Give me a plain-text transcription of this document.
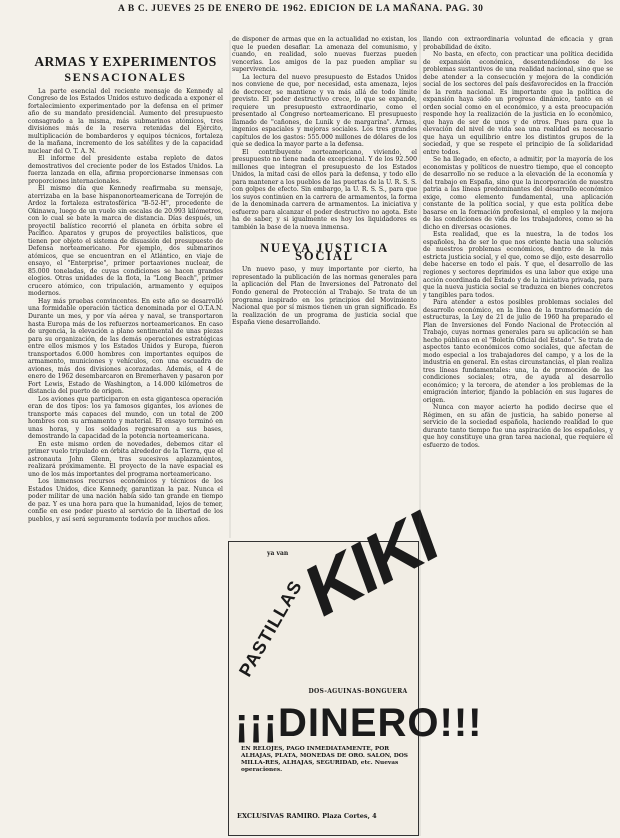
A B C. JUEVES 25 DE ENERO DE 1962. EDICION DE LA MAÑANA. PAG. 30
ARMAS Y EXPERIMENTOS
SENSACIONALES

La parte esencial del reciente mensaje de Kennedy al Congreso de los Estados Unidos estuvo dedicada a exponer el fortalecimiento experimentado por la defensa en el primer año de su mandato presidencial. Aumento del presupuesto consagrado a la misma, más submarinos atómicos, tres divisiones más de la reserva retenidas del Ejército, multiplicación de bombarderos y equipos técnicos, fortaleza de la mañana, incremento de los satélites y de la capacidad nuclear del O. T. A. N.

El informe del presidente estaba repleto de datos demostrativos del creciente poder de los Estados Unidos. La fuerza lanzada en ella, afirma proporcionarse inmensas con proporciones internacionales.

El mismo día que Kennedy reafirmaba su mensaje, aterrizaba en la base hispanonorteamericana de Torrejón de Ardoz la fortaleza estratosférica "B-52-H", procedente de Okinawa, luego de un vuelo sin escalas de 20.993 kilómetros, con lo cual se bate la marca de distancia. Días después, un proyectil balístico recorrió el planeta en órbita sobre el Pacífico. Aparatos y grupos de proyectiles balísticos, que tienen por objeto el sistema de disuasión del presupuesto de Defensa norteamericano. Por ejemplo, dos submarinos atómicos, que se encuentran en el Atlántico, en viaje de ensayo, el "Enterprise", primer portaaviones nuclear, de 85.000 toneladas, de cuyas condiciones se hacen grandes elogios. Otras unidades de la flota, la "Long Beach", primer crucero atómico, con tripulación, armamento y equipos modernos.

Hay más pruebas convincentes. En este año se desarrolló una formidable operación táctica denominada por el O.T.A.N. Durante un mes, y por vía aérea y naval, se transportaron hasta Europa más de los refuerzos norteamericanos. En caso de urgencia, la elevación a plano sentimental de unas piezas para su organización, de las demás operaciones estratégicas entre ellos mismos y los Estados Unidos y Europa, fueron transportados 6.000 hombres con importantes equipos de armamento, municiones y vehículos, con una escuadra de aviones, más dos divisiones acorazadas. Además, el 4 de enero de 1962 desembarcaron en Bremerhaven y pasaron por Fort Lewis, Estado de Washington, a 14.000 kilómetros de distancia del puerto de origen.

Los aviones que participaron en esta gigantesca operación eran de dos tipos: los ya famosos gigantes, los aviones de transporte más capaces del mundo, con un total de 200 hombres con su armamento y material. El ensayo terminó en unas horas, y los soldados regresaron a sus bases, demostrando la capacidad de la potencia norteamericana.

En este mismo orden de novedades, debemos citar el primer vuelo tripulado en órbita alrededor de la Tierra, que el astronauta John Glenn, tras sucesivos aplazamientos, realizará próximamente. El proyecto de la nave espacial es uno de los más importantes del programa norteamericano.

Los inmensos recursos económicos y técnicos de los Estados Unidos, dice Kennedy, garantizan la paz. Nunca el poder militar de una nación había sido tan grande en tiempo de paz. Y es una hora para que la humanidad, lejos de temer, confíe en ese poder puesto al servicio de la libertad de los pueblos, y así será seguramente todavía por muchos años.

de disponer de armas que en la actualidad no existan, los que le pueden desafiar. La amenaza del comunismo, y cuando, en realidad, solo nuevas fuerzas pueden vencerlas. Los amigos de la paz pueden ampliar su supervivencia.

La lectura del nuevo presupuesto de Estados Unidos nos conviene de que, por necesidad, esta amenaza, lejos de decrecer, se mantiene y va más allá de todo límite previsto. El poder destructivo crece, lo que se expande, requiere un presupuesto extraordinario, como el presentado al Congreso norteamericano. El presupuesto llamado de "cañones, de Lunik y de margarina". Armas, ingenios espaciales y mejoras sociales. Los tres grandes capítulos de los gastos: 555.000 millones de dólares de los que se dedica la mayor parte a la defensa.

El contribuyente norteamericano, viviendo, el presupuesto no tiene nada de excepcional. Y de los 92.500 millones que integran el presupuesto de los Estados Unidos, la mitad casi de ellos para la defensa, y todo ello para mantener a los pueblos de las puertas de la U. R. S. S. con golpes de efecto. Sin embargo, la U. R. S. S., para que los suyos continúen en la carrera de armamentos, la forma de la denominada carrera de armamentos. La iniciativa y esfuerzo para alcanzar el poder destructivo no agota. Este ha de saber, y si igualmente es hoy los liquidadores es también la base de la nueva inmensa.

NUEVA JUSTICIA SOCIAL

Un nuevo paso, y muy importante por cierto, ha representado la publicación de las normas generales para la aplicación del Plan de Inversiones del Patronato del Fondo general de Protección al Trabajo. Se trata de un programa inspirado en los principios del Movimiento Nacional que por sí mismos tienen un gran significado. Es la realización de un programa de justicia social que España viene desarrollando.

llando con extraordinaria voluntad de eficacia y gran probabilidad de éxito.

No basta, en efecto, con practicar una política decidida de expansión económica, desentendiéndose de los problemas sustantivos de una realidad nacional, sino que se debe atender a la consecución y mejora de la condición social de los sectores del país desfavorecidos en la fracción de la renta nacional. Es importante que la política de expansión haya sido un progreso dinámico, tanto en el orden social como en el económico, y a esta preocupación responde hoy la realización de la justicia en lo económico, que haya de ser de unos y de otros. Pues para que la elevación del nivel de vida sea una realidad es necesario que haya un equilibrio entre los distintos grupos de la sociedad, y que se respete el principio de la solidaridad entre todos.

Se ha llegado, en efecto, a admitir, por la mayoría de los economistas y políticos de nuestro tiempo, que el concepto de desarrollo no se reduce a la elevación de la economía y del trabajo en España, sino que la incorporación de nuestra patria a las líneas predominantes del desarrollo económico exige, como elemento fundamental, una aplicación constante de la política social, y que esta política debe basarse en la formación profesional, el empleo y la mejora de las condiciones de vida de los trabajadores, como se ha dicho en diversas ocasiones.

Esta realidad, que es la nuestra, la de todos los españoles, ha de ser lo que nos oriente hacia una solución de nuestros problemas económicos, dentro de la más estricta justicia social, y el que, como se dijo, este desarrollo debe hacerse en todo el país. Y que, el desarrollo de las regiones y sectores deprimidos es una labor que exige una acción coordinada del Estado y de la iniciativa privada, para que la nueva justicia social se traduzca en bienes concretos y tangibles para todos.

Para atender a estos posibles problemas sociales del desarrollo económico, en la línea de la transformación de estructuras, la Ley de 21 de julio de 1960 ha preparado el Plan de Inversiones del Fondo Nacional de Protección al Trabajo, cuyas normas generales para su aplicación se han hecho públicas en el "Boletín Oficial del Estado". Se trata de aspectos tanto económicos como sociales, que afectan de modo especial a los trabajadores del campo, y a los de la industria en general. En estas circunstancias, el plan realiza tres líneas fundamentales: una, la de promoción de las condiciones sociales; otra, de ayuda al desarrollo económico; y la tercera, de atender a los problemas de la emigración interior, fijando la población en sus lugares de origen.

Nunca con mayor acierto ha podido decirse que el Régimen, en su afán de justicia, ha sabido ponerse al servicio de la sociedad española, haciendo realidad lo que durante tanto tiempo fue una aspiración de los españoles, y que hoy constituye una gran tarea nacional, que requiere el esfuerzo de todos.

ya van KIKI
PASTILLAS
DOS-AGUINAS-BONGUERA
¡¡¡DINERO!!!
EN RELOJES, PAGO INMEDIATAMENTE, POR ALHAJAS, PLATA, MONEDAS DE ORO. SALON, DOS MILLA-RES, ALHAJAS, SEGURIDAD, etc. Nuevas operaciones.
EXCLUSIVAS RAMIRO. Plaza Cortes, 4
